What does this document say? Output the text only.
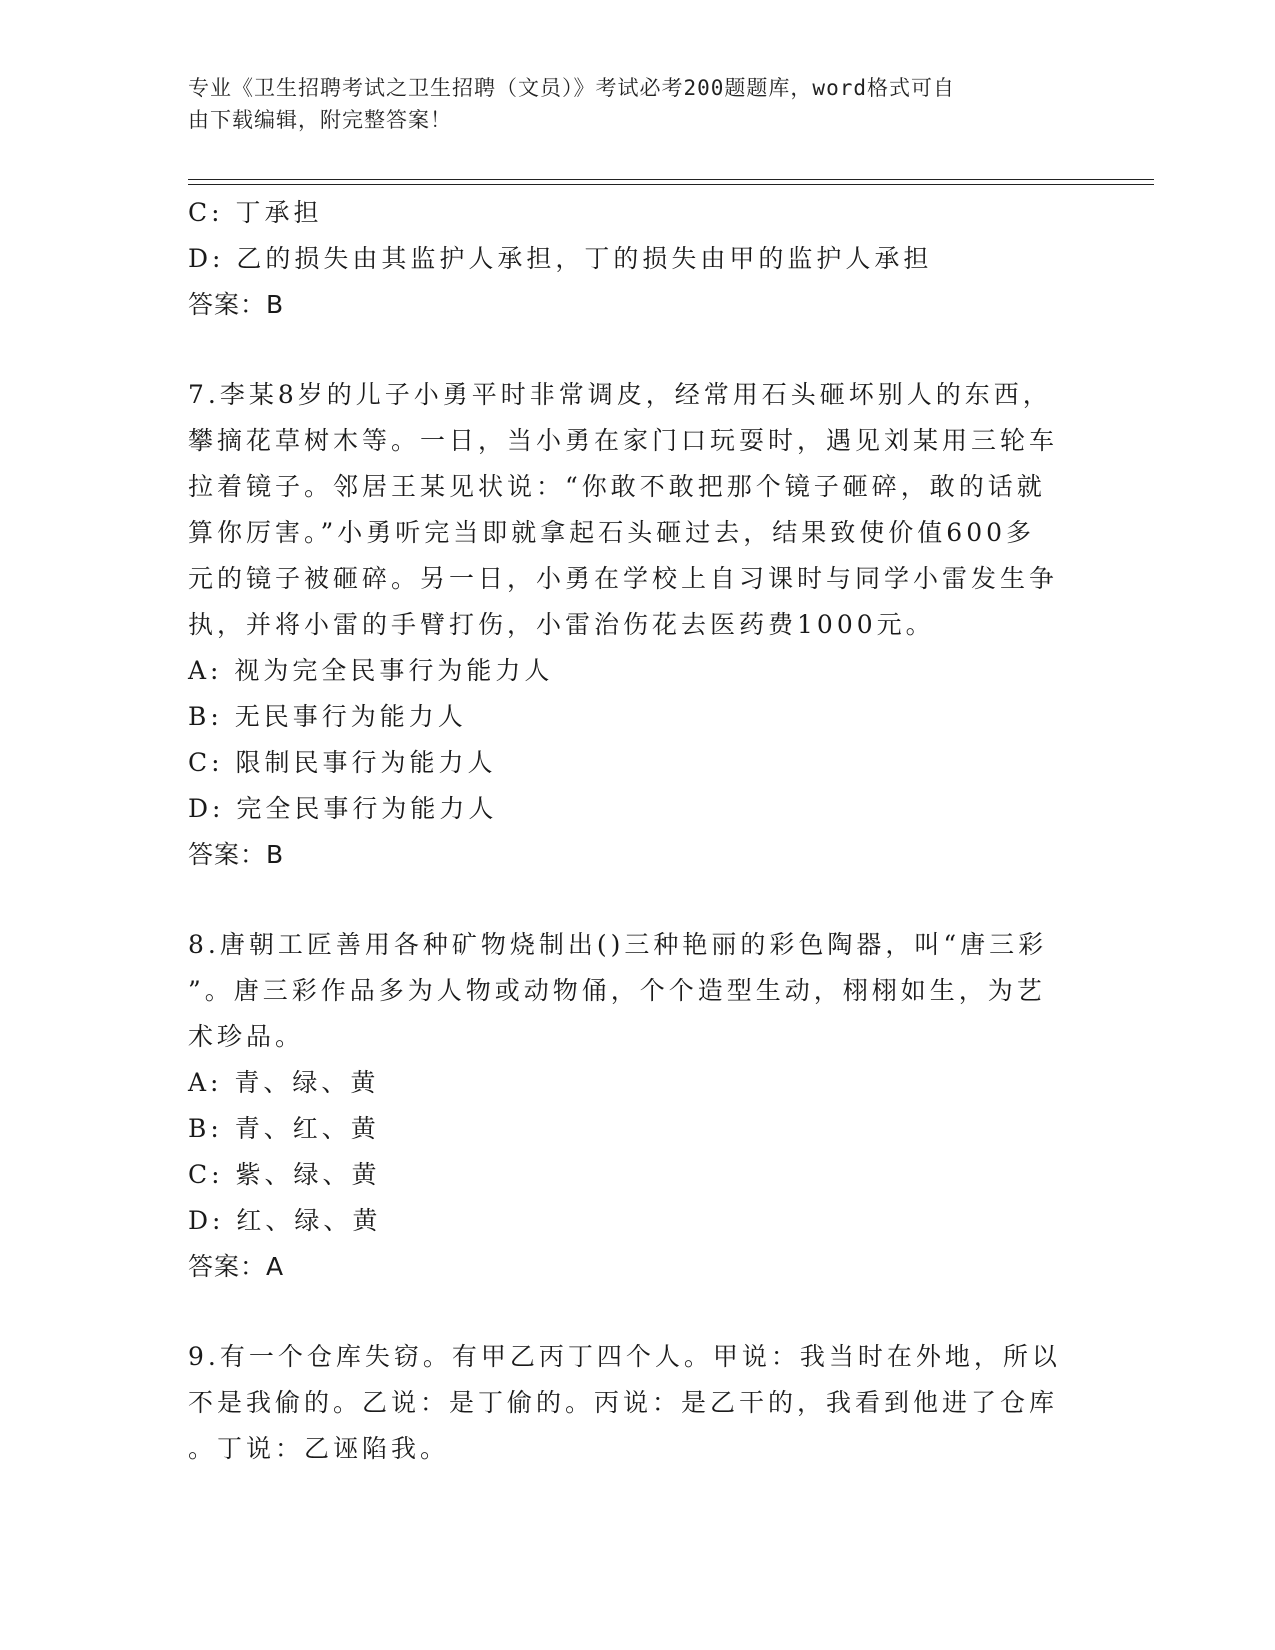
专业《卫生招聘考试之卫生招聘（文员）》考试必考200题题库，word格式可自
由下载编辑，附完整答案！
C: 丁承担
D: 乙的损失由其监护人承担，丁的损失由甲的监护人承担
答案：B
7.李某8岁的儿子小勇平时非常调皮，经常用石头砸坏别人的东西，
攀摘花草树木等。一日，当小勇在家门口玩耍时，遇见刘某用三轮车
拉着镜子。邻居王某见状说：“你敢不敢把那个镜子砸碎，敢的话就
算你厉害。”小勇听完当即就拿起石头砸过去，结果致使价值600多
元的镜子被砸碎。另一日，小勇在学校上自习课时与同学小雷发生争
执，并将小雷的手臂打伤，小雷治伤花去医药费1000元。
A: 视为完全民事行为能力人
B: 无民事行为能力人
C: 限制民事行为能力人
D: 完全民事行为能力人
答案：B
8.唐朝工匠善用各种矿物烧制出()三种艳丽的彩色陶器，叫“唐三彩
”。唐三彩作品多为人物或动物俑，个个造型生动，栩栩如生，为艺
术珍品。
A: 青、绿、黄
B: 青、红、黄
C: 紫、绿、黄
D: 红、绿、黄
答案：A
9.有一个仓库失窃。有甲乙丙丁四个人。甲说：我当时在外地，所以
不是我偷的。乙说：是丁偷的。丙说：是乙干的，我看到他进了仓库
。丁说：乙诬陷我。
